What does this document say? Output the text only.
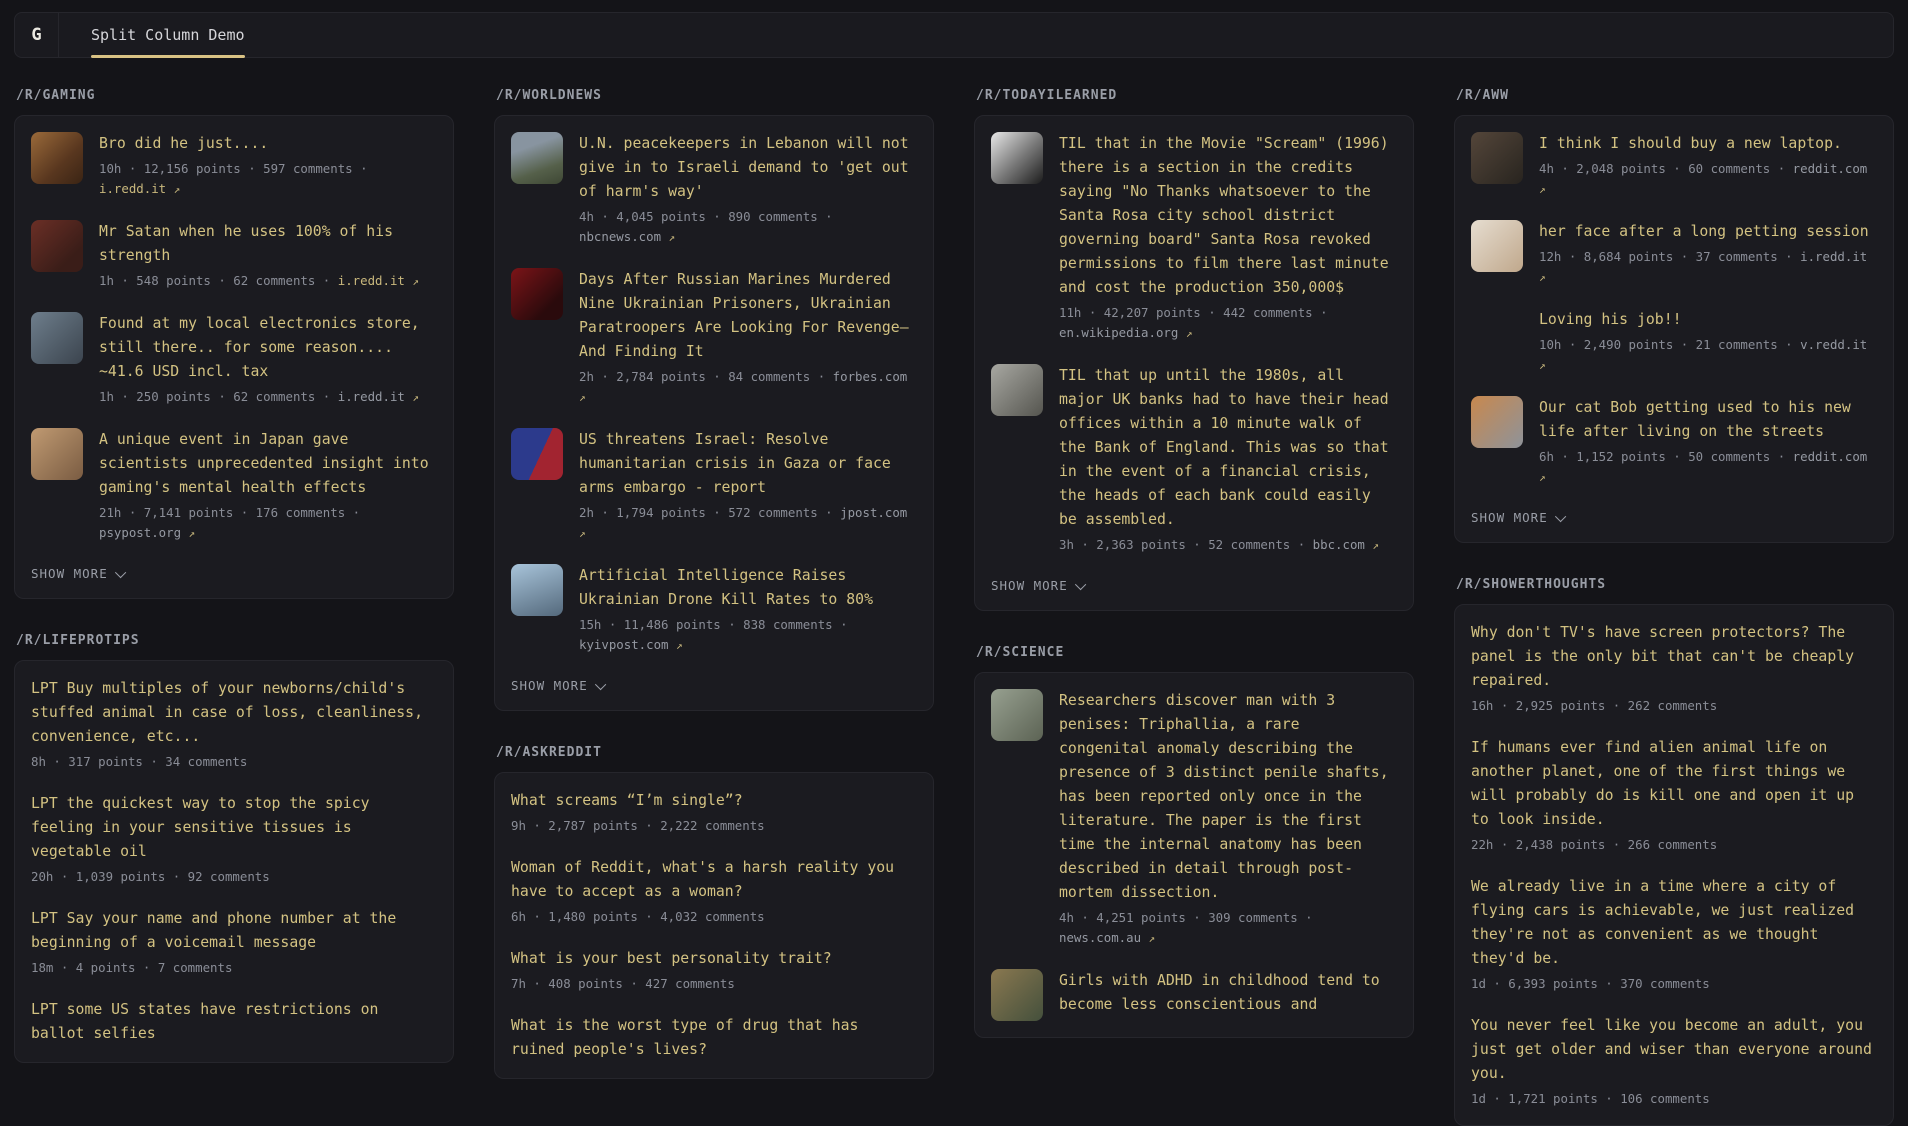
G	Split Column Demo
/R/GAMING
Bro did he just....
10h · 12,156 points · 597 comments · i.redd.it ↗
Mr Satan when he uses 100% of his strength
1h · 548 points · 62 comments · i.redd.it ↗
Found at my local electronics store, still there.. for some reason.... ~41.6 USD incl. tax
1h · 250 points · 62 comments · i.redd.it ↗
A unique event in Japan gave scientists unprecedented insight into gaming's mental health effects
21h · 7,141 points · 176 comments · psypost.org ↗
SHOW MORE
/R/LIFEPROTIPS
LPT Buy multiples of your newborns/child's stuffed animal in case of loss, cleanliness, convenience, etc...
8h · 317 points · 34 comments
LPT the quickest way to stop the spicy feeling in your sensitive tissues is vegetable oil
20h · 1,039 points · 92 comments
LPT Say your name and phone number at the beginning of a voicemail message
18m · 4 points · 7 comments
LPT some US states have restrictions on ballot selfies
/R/WORLDNEWS
U.N. peacekeepers in Lebanon will not give in to Israeli demand to 'get out of harm's way'
4h · 4,045 points · 890 comments · nbcnews.com ↗
Days After Russian Marines Murdered Nine Ukrainian Prisoners, Ukrainian Paratroopers Are Looking For Revenge—And Finding It
2h · 2,784 points · 84 comments · forbes.com ↗
US threatens Israel: Resolve humanitarian crisis in Gaza or face arms embargo - report
2h · 1,794 points · 572 comments · jpost.com ↗
Artificial Intelligence Raises Ukrainian Drone Kill Rates to 80%
15h · 11,486 points · 838 comments · kyivpost.com ↗
SHOW MORE
/R/ASKREDDIT
What screams “I’m single”?
9h · 2,787 points · 2,222 comments
Woman of Reddit, what's a harsh reality you have to accept as a woman?
6h · 1,480 points · 4,032 comments
What is your best personality trait?
7h · 408 points · 427 comments
What is the worst type of drug that has ruined people's lives?
/R/TODAYILEARNED
TIL that in the Movie "Scream" (1996) there is a section in the credits saying "No Thanks whatsoever to the Santa Rosa city school district governing board" Santa Rosa revoked permissions to film there last minute and cost the production 350,000$
11h · 42,207 points · 442 comments · en.wikipedia.org ↗
TIL that up until the 1980s, all major UK banks had to have their head offices within a 10 minute walk of the Bank of England. This was so that in the event of a financial crisis, the heads of each bank could easily be assembled.
3h · 2,363 points · 52 comments · bbc.com ↗
SHOW MORE
/R/SCIENCE
Researchers discover man with 3 penises: Triphallia, a rare congenital anomaly describing the presence of 3 distinct penile shafts, has been reported only once in the literature. The paper is the first time the internal anatomy has been described in detail through post-mortem dissection.
4h · 4,251 points · 309 comments · news.com.au ↗
Girls with ADHD in childhood tend to become less conscientious and
/R/AWW
I think I should buy a new laptop.
4h · 2,048 points · 60 comments · reddit.com ↗
her face after a long petting session
12h · 8,684 points · 37 comments · i.redd.it ↗
Loving his job!!
10h · 2,490 points · 21 comments · v.redd.it ↗
Our cat Bob getting used to his new life after living on the streets
6h · 1,152 points · 50 comments · reddit.com ↗
SHOW MORE
/R/SHOWERTHOUGHTS
Why don't TV's have screen protectors? The panel is the only bit that can't be cheaply repaired.
16h · 2,925 points · 262 comments
If humans ever find alien animal life on another planet, one of the first things we will probably do is kill one and open it up to look inside.
22h · 2,438 points · 266 comments
We already live in a time where a city of flying cars is achievable, we just realized they're not as convenient as we thought they'd be.
1d · 6,393 points · 370 comments
You never feel like you become an adult, you just get older and wiser than everyone around you.
1d · 1,721 points · 106 comments
